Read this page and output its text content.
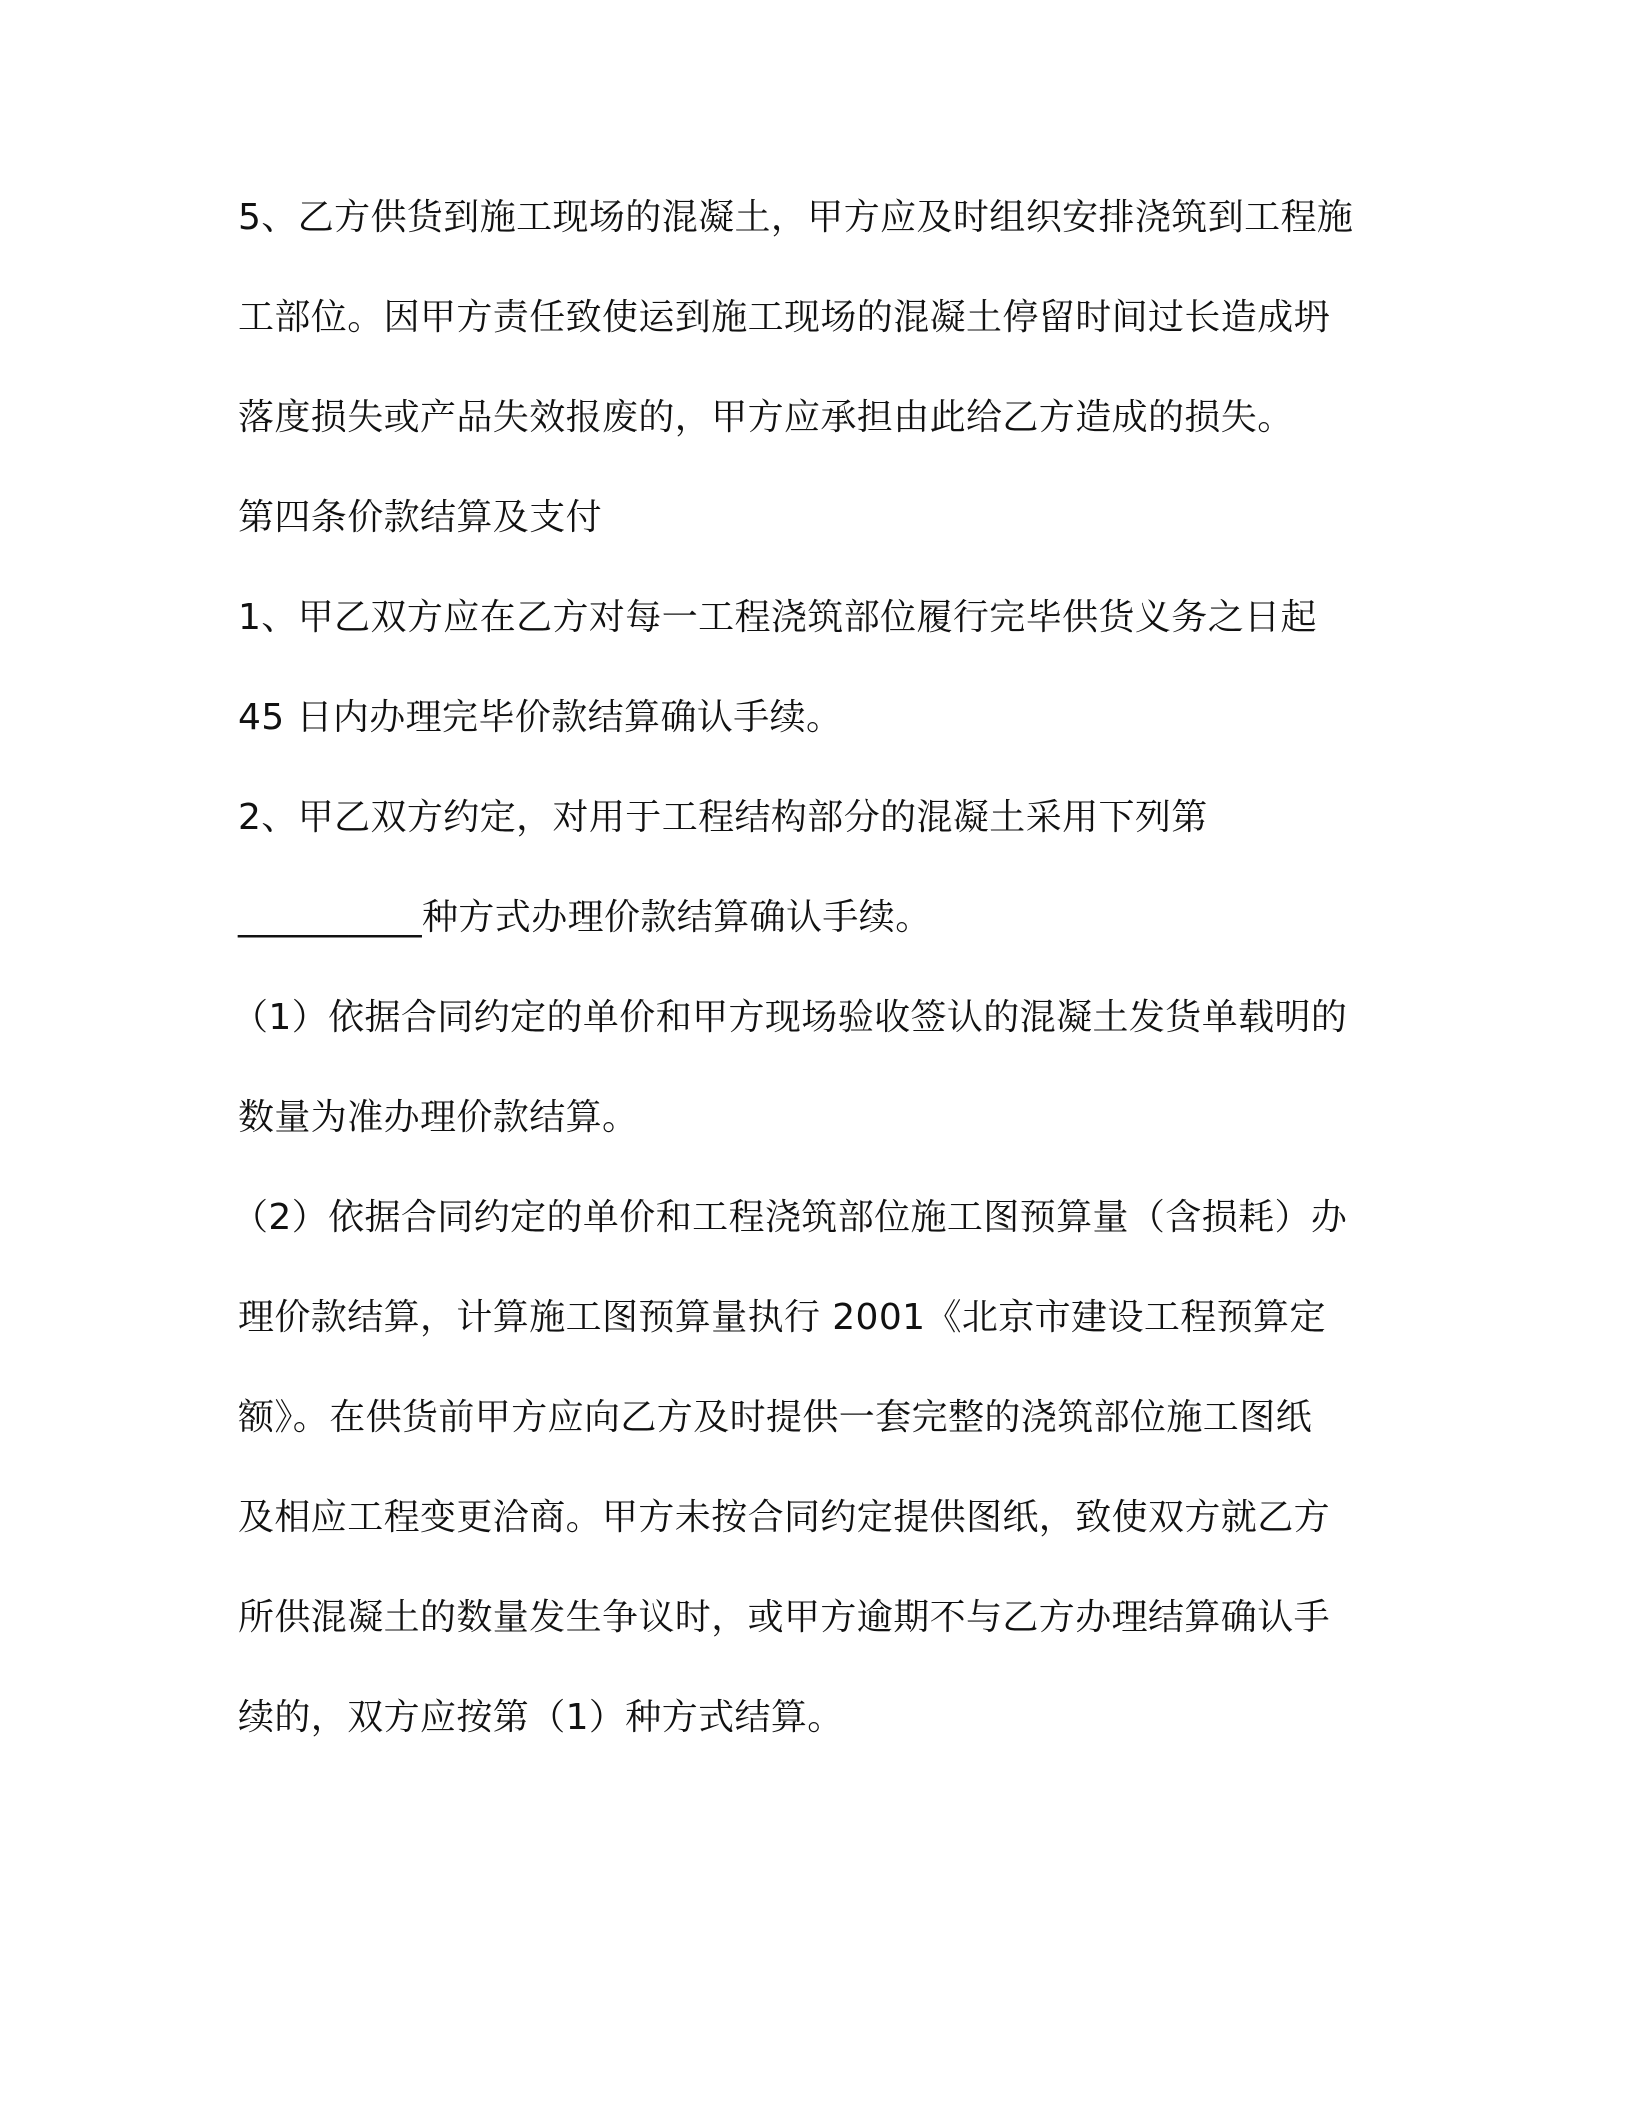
5、乙方供货到施工现场的混凝土，甲方应及时组织安排浇筑到工程施

工部位。因甲方责任致使运到施工现场的混凝土停留时间过长造成坍

落度损失或产品失效报废的，甲方应承担由此给乙方造成的损失。

第四条价款结算及支付

1、甲乙双方应在乙方对每一工程浇筑部位履行完毕供货义务之日起

45 日内办理完毕价款结算确认手续。

2、甲乙双方约定，对用于工程结构部分的混凝土采用下列第

__________种方式办理价款结算确认手续。

（1）依据合同约定的单价和甲方现场验收签认的混凝土发货单载明的

数量为准办理价款结算。

（2）依据合同约定的单价和工程浇筑部位施工图预算量（含损耗）办

理价款结算，计算施工图预算量执行 2001《北京市建设工程预算定

额》。在供货前甲方应向乙方及时提供一套完整的浇筑部位施工图纸

及相应工程变更洽商。甲方未按合同约定提供图纸，致使双方就乙方

所供混凝土的数量发生争议时，或甲方逾期不与乙方办理结算确认手

续的，双方应按第（1）种方式结算。
